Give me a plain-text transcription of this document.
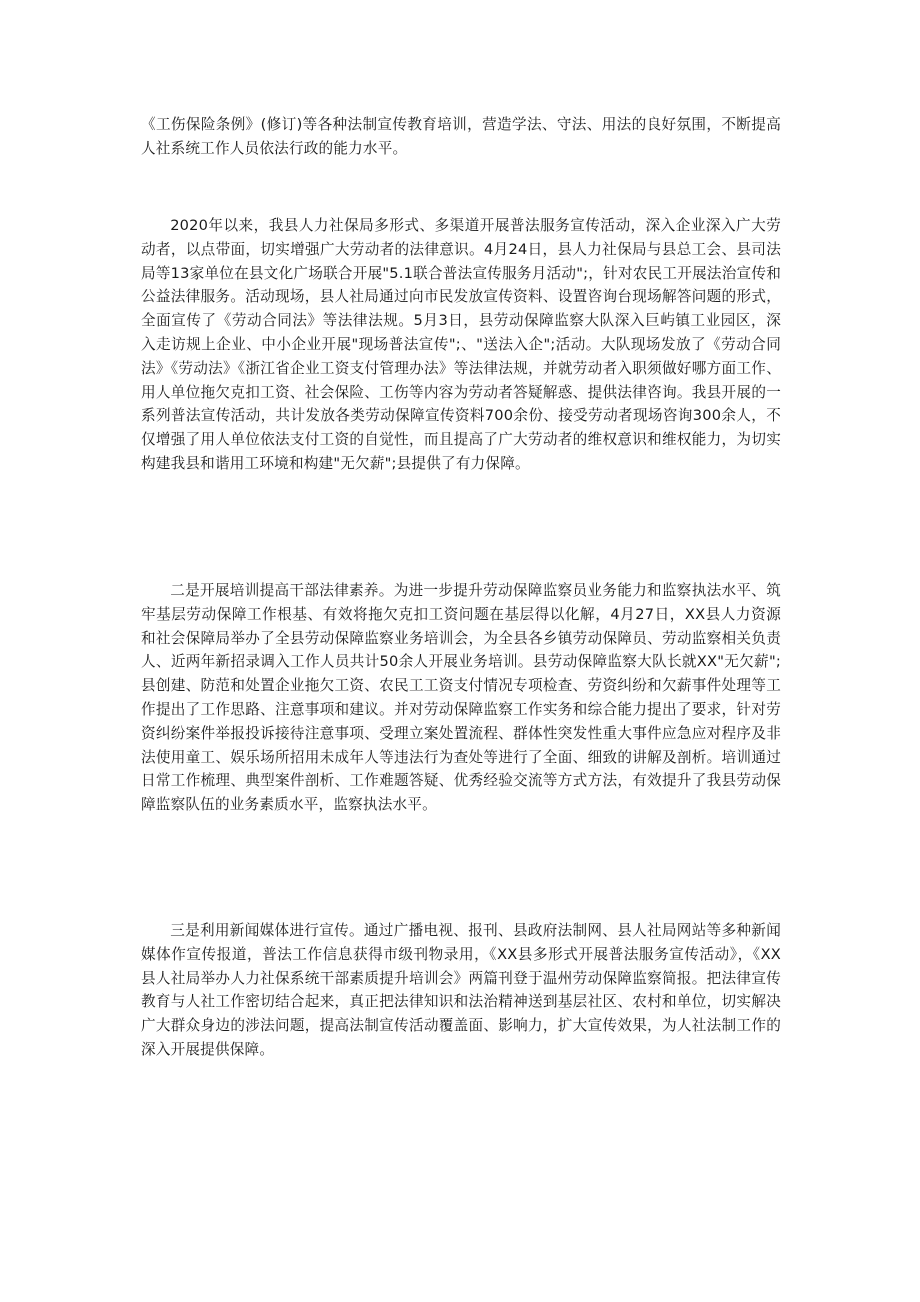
《工伤保险条例》(修订)等各种法制宣传教育培训，营造学法、守法、用法的良好氛围，不断提高人社系统工作人员依法行政的能力水平。

2020年以来，我县人力社保局多形式、多渠道开展普法服务宣传活动，深入企业深入广大劳动者，以点带面，切实增强广大劳动者的法律意识。4月24日，县人力社保局与县总工会、县司法局等13家单位在县文化广场联合开展"5.1联合普法宣传服务月活动";，针对农民工开展法治宣传和公益法律服务。活动现场，县人社局通过向市民发放宣传资料、设置咨询台现场解答问题的形式，全面宣传了《劳动合同法》等法律法规。5月3日，县劳动保障监察大队深入巨屿镇工业园区，深入走访规上企业、中小企业开展"现场普法宣传";、"送法入企";活动。大队现场发放了《劳动合同法》《劳动法》《浙江省企业工资支付管理办法》等法律法规，并就劳动者入职须做好哪方面工作、用人单位拖欠克扣工资、社会保险、工伤等内容为劳动者答疑解惑、提供法律咨询。我县开展的一系列普法宣传活动，共计发放各类劳动保障宣传资料700余份、接受劳动者现场咨询300余人，不仅增强了用人单位依法支付工资的自觉性，而且提高了广大劳动者的维权意识和维权能力，为切实构建我县和谐用工环境和构建"无欠薪";县提供了有力保障。

二是开展培训提高干部法律素养。为进一步提升劳动保障监察员业务能力和监察执法水平、筑牢基层劳动保障工作根基、有效将拖欠克扣工资问题在基层得以化解，4月27日，XX县人力资源和社会保障局举办了全县劳动保障监察业务培训会，为全县各乡镇劳动保障员、劳动监察相关负责人、近两年新招录调入工作人员共计50余人开展业务培训。县劳动保障监察大队长就XX"无欠薪";县创建、防范和处置企业拖欠工资、农民工工资支付情况专项检查、劳资纠纷和欠薪事件处理等工作提出了工作思路、注意事项和建议。并对劳动保障监察工作实务和综合能力提出了要求，针对劳资纠纷案件举报投诉接待注意事项、受理立案处置流程、群体性突发性重大事件应急应对程序及非法使用童工、娱乐场所招用未成年人等违法行为查处等进行了全面、细致的讲解及剖析。培训通过日常工作梳理、典型案件剖析、工作难题答疑、优秀经验交流等方式方法，有效提升了我县劳动保障监察队伍的业务素质水平，监察执法水平。

三是利用新闻媒体进行宣传。通过广播电视、报刊、县政府法制网、县人社局网站等多种新闻媒体作宣传报道，普法工作信息获得市级刊物录用，《XX县多形式开展普法服务宣传活动》，《XX县人社局举办人力社保系统干部素质提升培训会》两篇刊登于温州劳动保障监察简报。把法律宣传教育与人社工作密切结合起来，真正把法律知识和法治精神送到基层社区、农村和单位，切实解决广大群众身边的涉法问题，提高法制宣传活动覆盖面、影响力，扩大宣传效果，为人社法制工作的深入开展提供保障。
